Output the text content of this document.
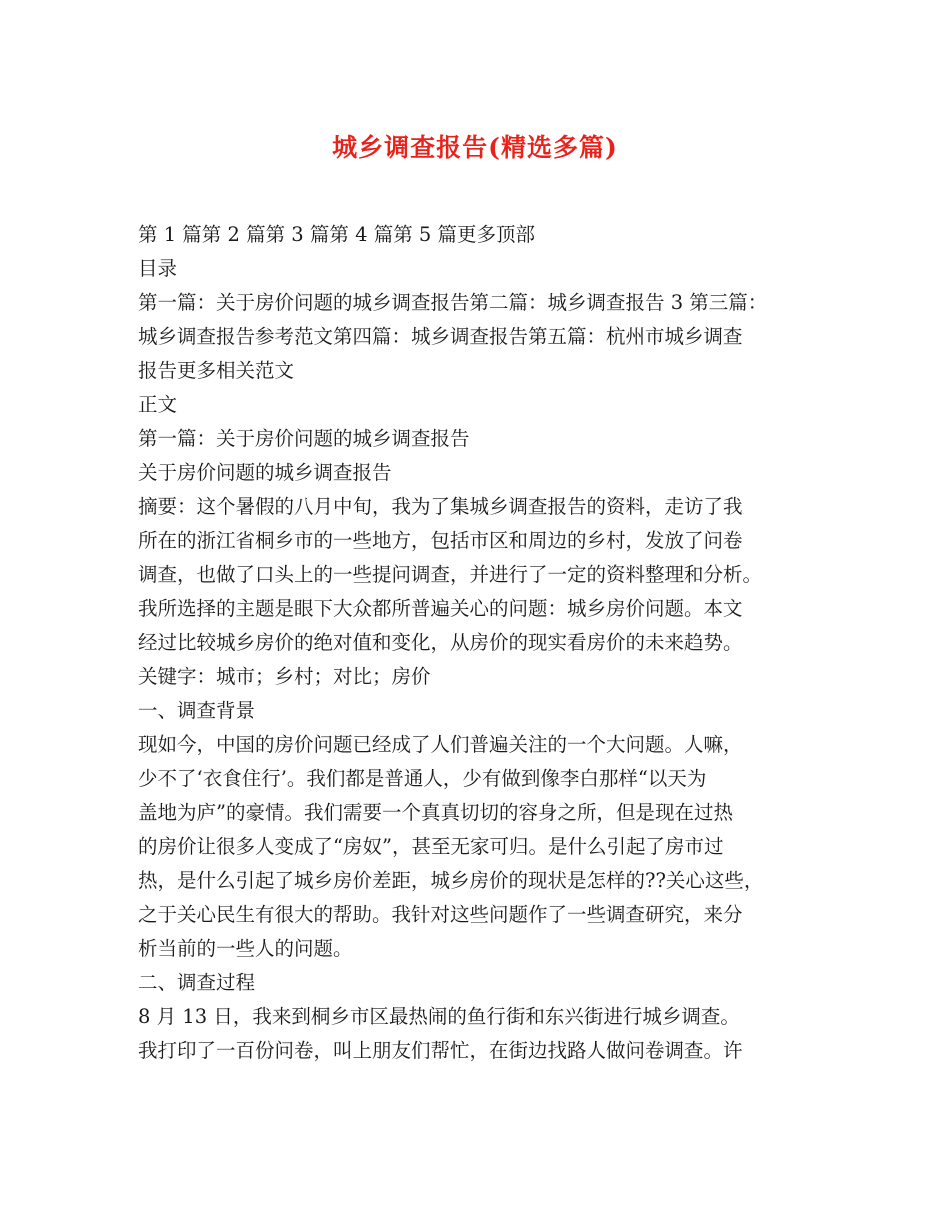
城乡调查报告(精选多篇)

第 1 篇第 2 篇第 3 篇第 4 篇第 5 篇更多顶部

目录

第一篇：关于房价问题的城乡调查报告第二篇：城乡调查报告 3 第三篇：

城乡调查报告参考范文第四篇：城乡调查报告第五篇：杭州市城乡调查

报告更多相关范文

正文

第一篇：关于房价问题的城乡调查报告

关于房价问题的城乡调查报告

摘要：这个暑假的八月中旬，我为了集城乡调查报告的资料，走访了我

所在的浙江省桐乡市的一些地方，包括市区和周边的乡村，发放了问卷

调查，也做了口头上的一些提问调查，并进行了一定的资料整理和分析。

我所选择的主题是眼下大众都所普遍关心的问题：城乡房价问题。本文

经过比较城乡房价的绝对值和变化，从房价的现实看房价的未来趋势。

关键字：城市；乡村；对比；房价

一、调查背景

现如今，中国的房价问题已经成了人们普遍关注的一个大问题。人嘛，

少不了‘衣食住行’。我们都是普通人，少有做到像李白那样“以天为

盖地为庐”的豪情。我们需要一个真真切切的容身之所，但是现在过热

的房价让很多人变成了“房奴”，甚至无家可归。是什么引起了房市过

热，是什么引起了城乡房价差距，城乡房价的现状是怎样的??关心这些，

之于关心民生有很大的帮助。我针对这些问题作了一些调查研究，来分

析当前的一些人的问题。

二、调查过程

8 月 13 日，我来到桐乡市区最热闹的鱼行街和东兴街进行城乡调查。

我打印了一百份问卷，叫上朋友们帮忙，在街边找路人做问卷调查。许
